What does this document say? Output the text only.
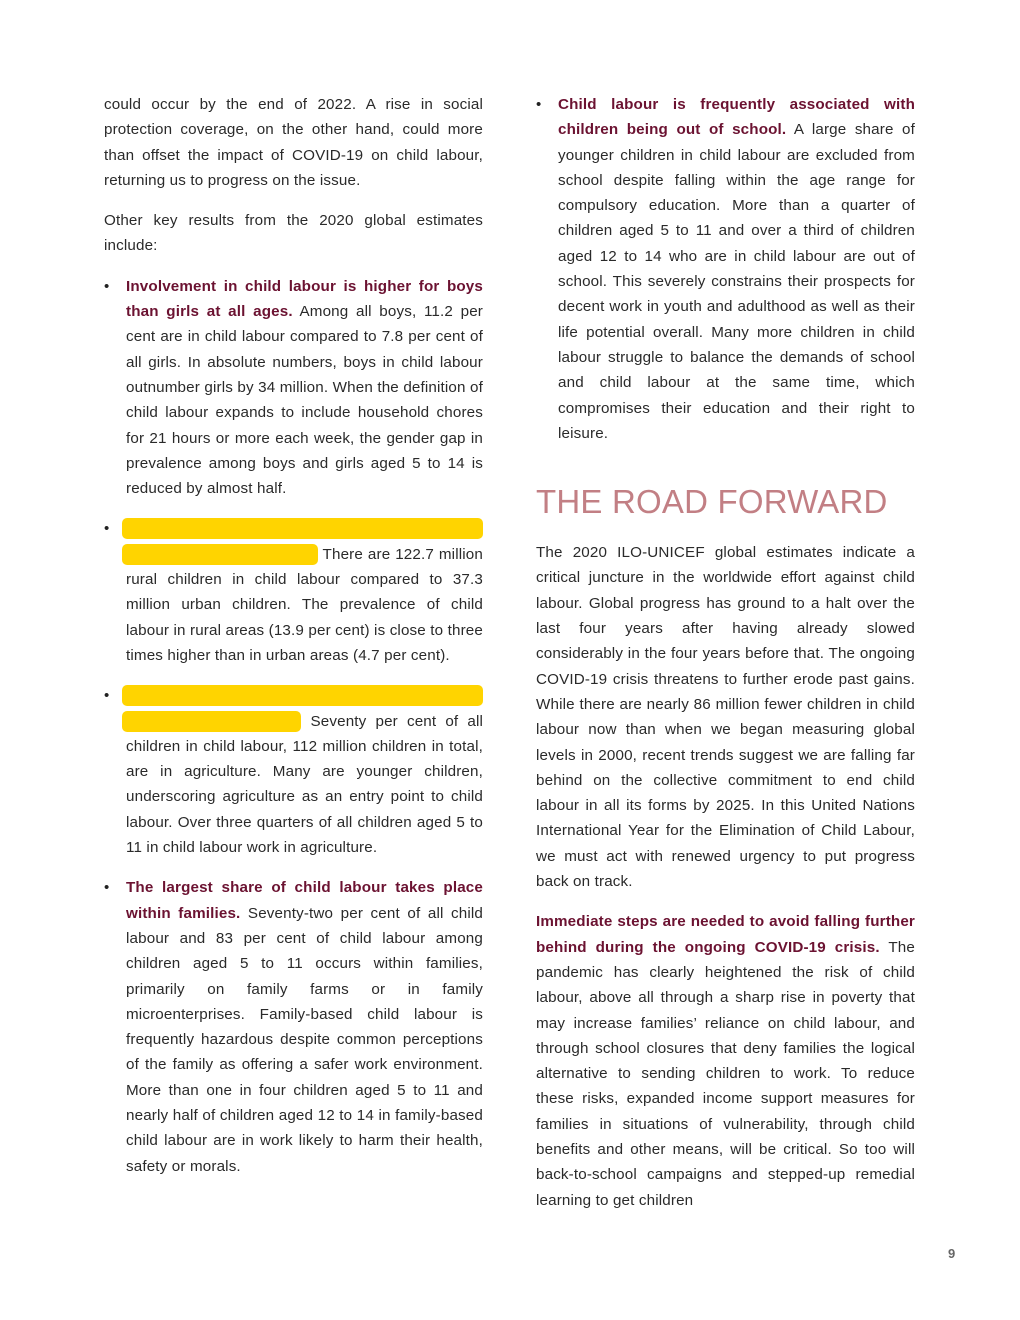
could occur by the end of 2022. A rise in social protection coverage, on the other hand, could more than offset the impact of COVID-19 on child labour, returning us to progress on the issue.

Other key results from the 2020 global estimates include:

•	Involvement in child labour is higher for boys than girls at all ages. Among all boys, 11.2 per cent are in child labour compared to 7.8 per cent of all girls. In absolute numbers, boys in child labour outnumber girls by 34 million. When the definition of child labour expands to include household chores for 21 hours or more each week, the gender gap in prevalence among boys and girls aged 5 to 14 is reduced by almost half.
•
There are 122.7 million rural children in child labour compared to 37.3 million urban children. The prevalence of child labour in rural areas (13.9 per cent) is close to three times higher than in urban areas (4.7 per cent).
•
Seventy per cent of all children in child labour, 112 million children in total, are in agriculture. Many are younger children, underscoring agriculture as an entry point to child labour. Over three quarters of all children aged 5 to 11 in child labour work in agriculture.
•	The largest share of child labour takes place within families. Seventy-two per cent of all child labour and 83 per cent of child labour among children aged 5 to 11 occurs within families, primarily on family farms or in family microenterprises. Family-based child labour is frequently hazardous despite common perceptions of the family as offering a safer work environment. More than one in four children aged 5 to 11 and nearly half of children aged 12 to 14 in family-based child labour are in work likely to harm their health, safety or morals.
•	Child labour is frequently associated with children being out of school. A large share of younger children in child labour are excluded from school despite falling within the age range for compulsory education. More than a quarter of children aged 5 to 11 and over a third of children aged 12 to 14 who are in child labour are out of school. This severely constrains their prospects for decent work in youth and adulthood as well as their life potential overall. Many more children in child labour struggle to balance the demands of school and child labour at the same time, which compromises their education and their right to leisure.
THE ROAD FORWARD

The 2020 ILO-UNICEF global estimates indicate a critical juncture in the worldwide effort against child labour. Global progress has ground to a halt over the last four years after having already slowed considerably in the four years before that. The ongoing COVID-19 crisis threatens to further erode past gains. While there are nearly 86 million fewer children in child labour now than when we began measuring global levels in 2000, recent trends suggest we are falling far behind on the collective commitment to end child labour in all its forms by 2025. In this United Nations International Year for the Elimination of Child Labour, we must act with renewed urgency to put progress back on track.

Immediate steps are needed to avoid falling further behind during the ongoing COVID-19 crisis. The pandemic has clearly heightened the risk of child labour, above all through a sharp rise in poverty that may increase families’ reliance on child labour, and through school closures that deny families the logical alternative to sending children to work. To reduce these risks, expanded income support measures for families in situations of vulnerability, through child benefits and other means, will be critical. So too will back-to-school campaigns and stepped-up remedial learning to get children

9
